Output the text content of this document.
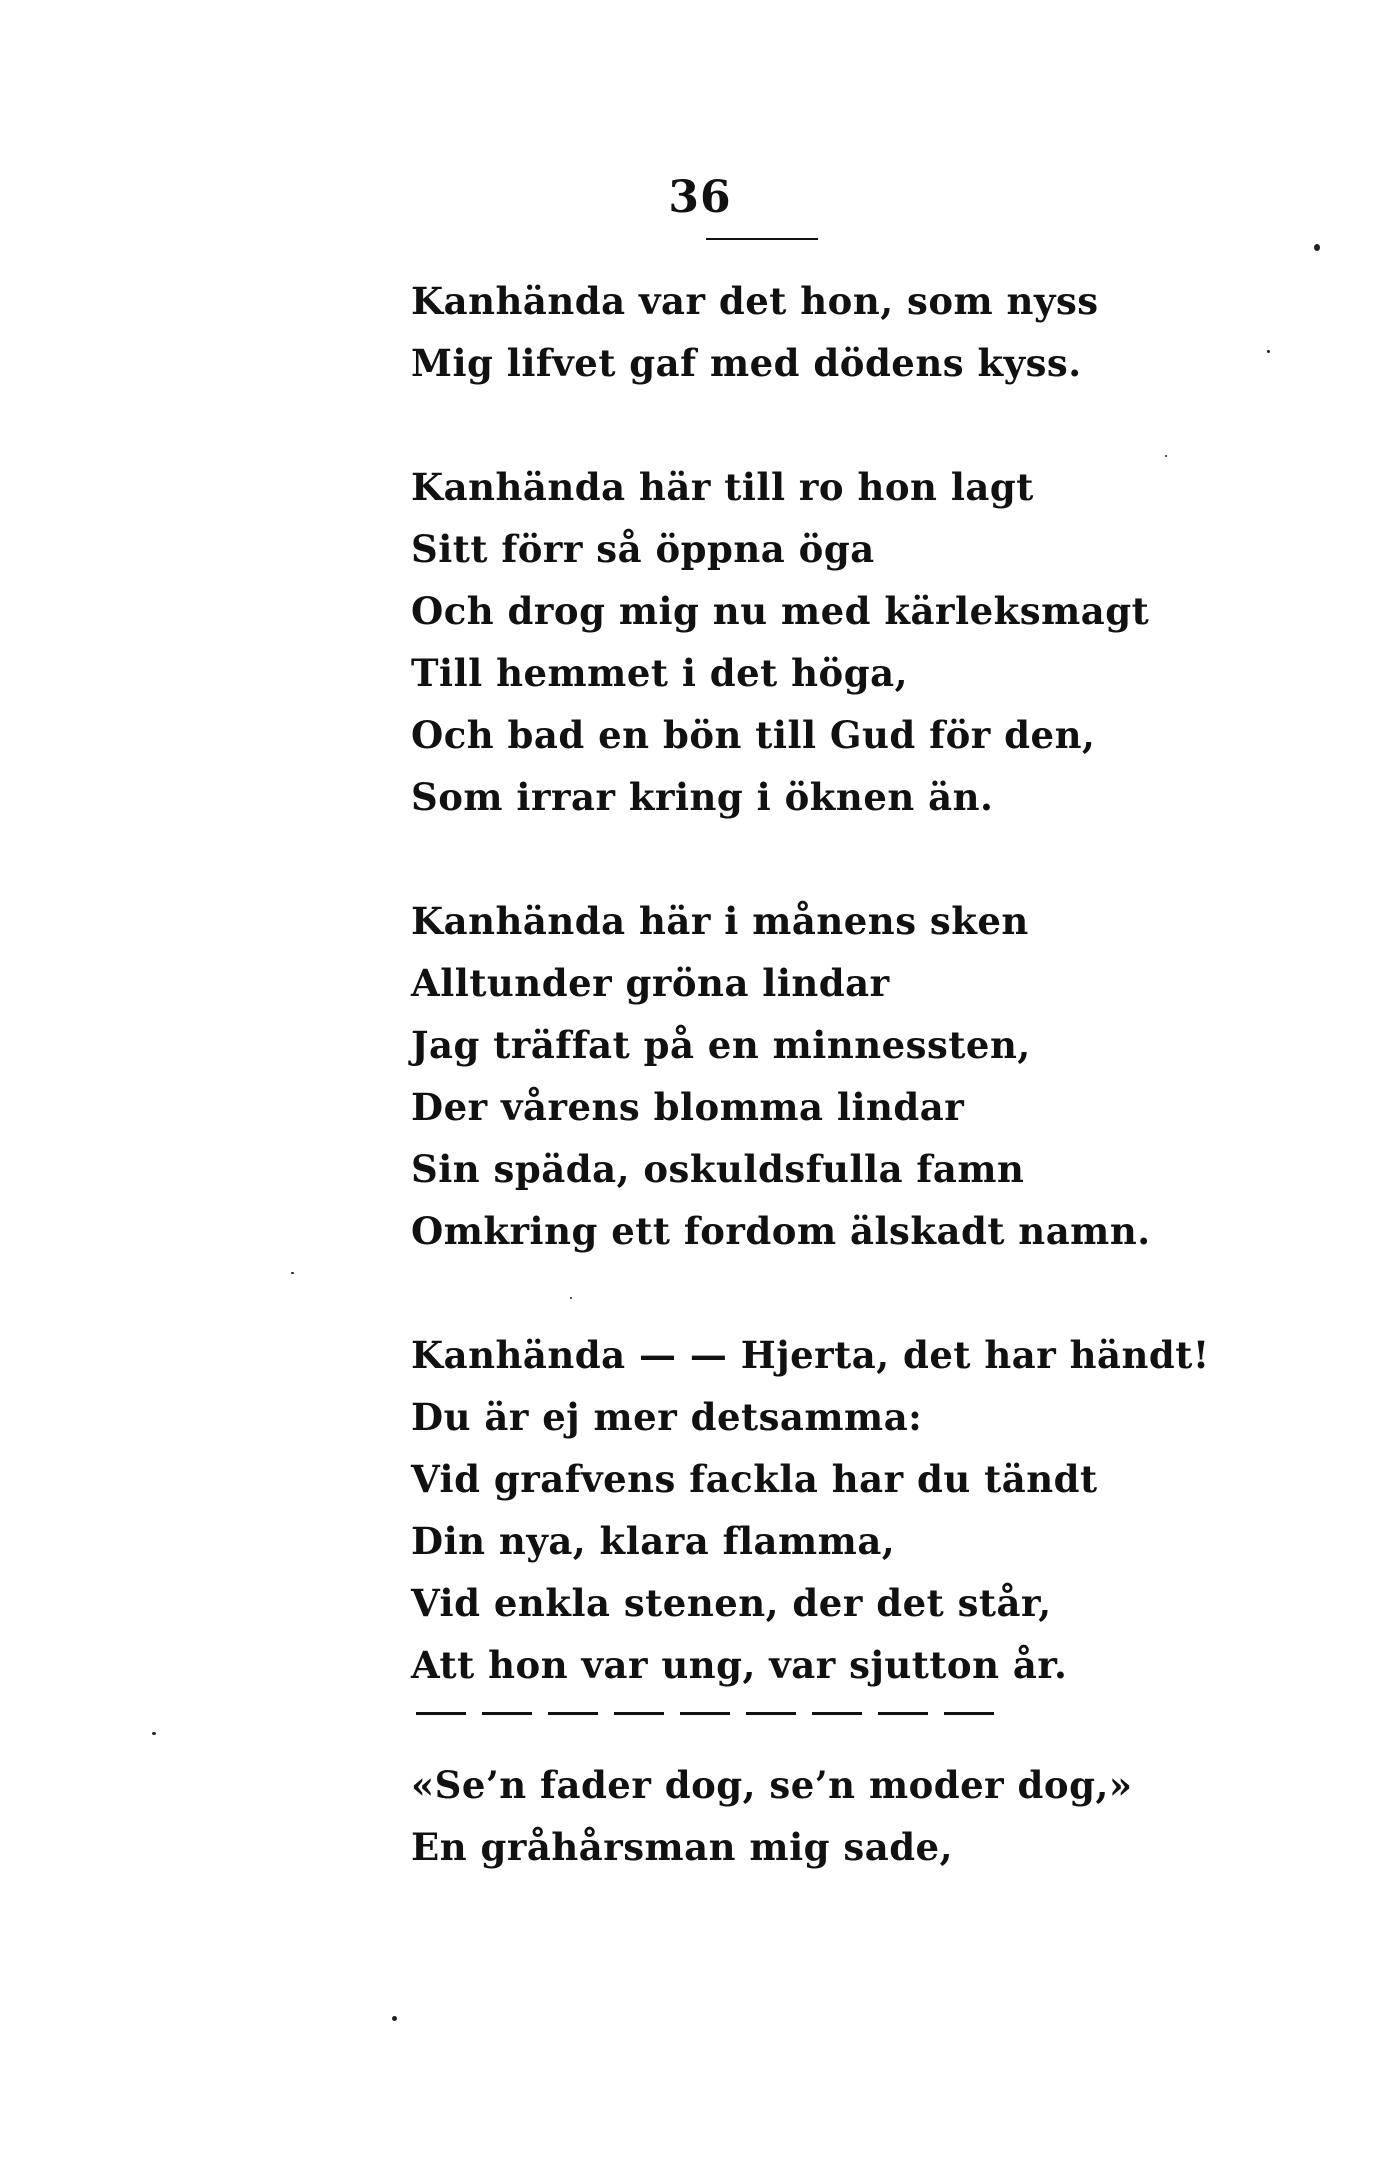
36
Kanhända var det hon, som nyss
Mig lifvet gaf med dödens kyss.
Kanhända här till ro hon lagt
Sitt förr så öppna öga
Och drog mig nu med kärleksmagt
Till hemmet i det höga,
Och bad en bön till Gud för den,
Som irrar kring i öknen än.
Kanhända här i månens sken
Alltunder gröna lindar
Jag träffat på en minnessten,
Der vårens blomma lindar
Sin späda, oskuldsfulla famn
Omkring ett fordom älskadt namn.
Kanhända — — Hjerta, det har händt!
Du är ej mer detsamma:
Vid grafvens fackla har du tändt
Din nya, klara flamma,
Vid enkla stenen, der det står,
Att hon var ung, var sjutton år.
«Se’n fader dog, se’n moder dog,»
En gråhårsman mig sade,
